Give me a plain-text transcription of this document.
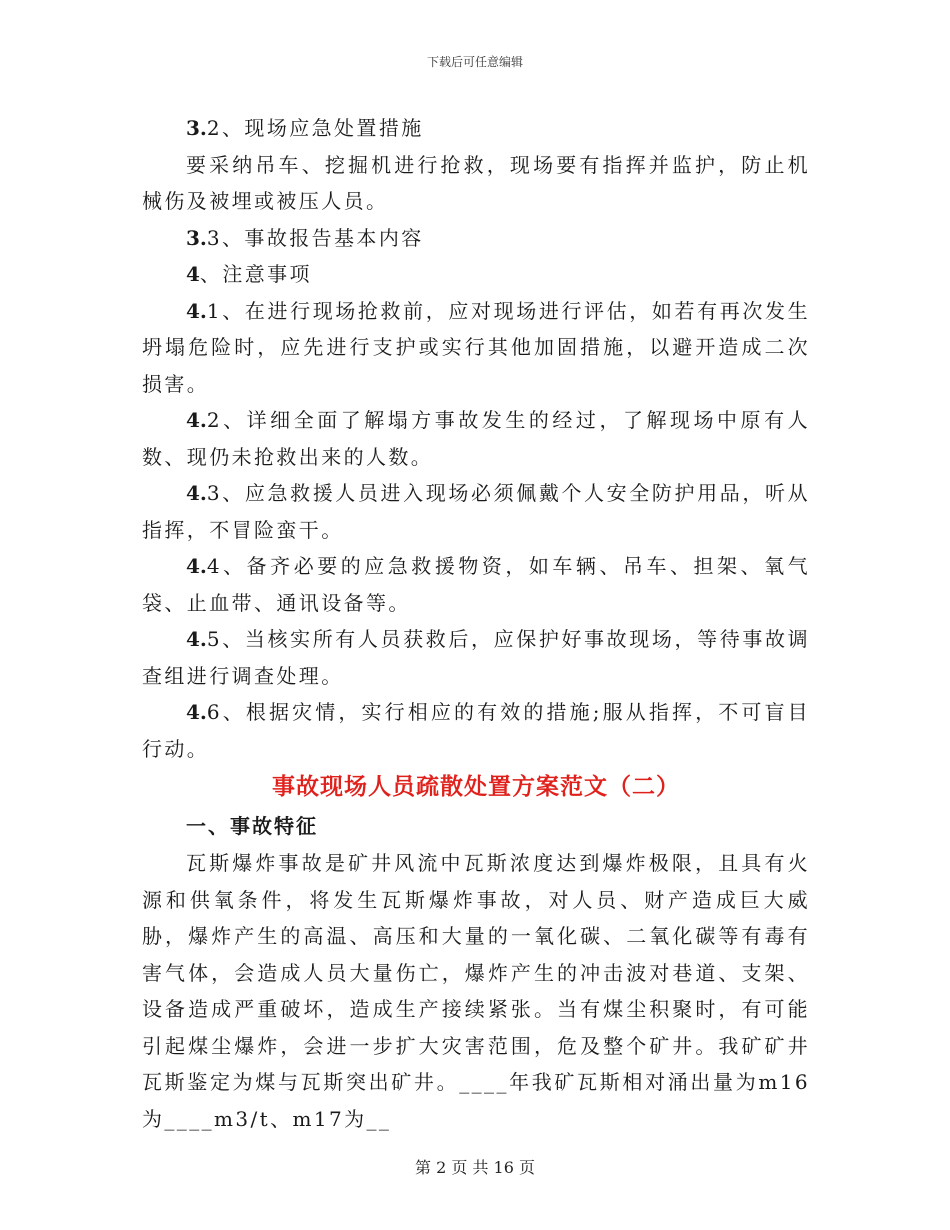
下载后可任意编辑

3.2、现场应急处置措施

要采纳吊车、挖掘机进行抢救，现场要有指挥并监护，防止机械伤及被埋或被压人员。

3.3、事故报告基本内容

4、注意事项

4.1、在进行现场抢救前，应对现场进行评估，如若有再次发生坍塌危险时，应先进行支护或实行其他加固措施，以避开造成二次损害。

4.2、详细全面了解塌方事故发生的经过，了解现场中原有人数、现仍未抢救出来的人数。

4.3、应急救援人员进入现场必须佩戴个人安全防护用品，听从指挥，不冒险蛮干。

4.4、备齐必要的应急救援物资，如车辆、吊车、担架、氧气袋、止血带、通讯设备等。

4.5、当核实所有人员获救后，应保护好事故现场，等待事故调查组进行调查处理。

4.6、根据灾情，实行相应的有效的措施;服从指挥，不可盲目行动。

事故现场人员疏散处置方案范文（二）
一、事故特征

瓦斯爆炸事故是矿井风流中瓦斯浓度达到爆炸极限，且具有火源和供氧条件，将发生瓦斯爆炸事故，对人员、财产造成巨大威胁，爆炸产生的高温、高压和大量的一氧化碳、二氧化碳等有毒有害气体，会造成人员大量伤亡，爆炸产生的冲击波对巷道、支架、设备造成严重破坏，造成生产接续紧张。当有煤尘积聚时，有可能引起煤尘爆炸，会进一步扩大灾害范围，危及整个矿井。我矿矿井瓦斯鉴定为煤与瓦斯突出矿井。____年我矿瓦斯相对涌出量为m16为____m3/t、m17为__

第 2 页 共 16 页
